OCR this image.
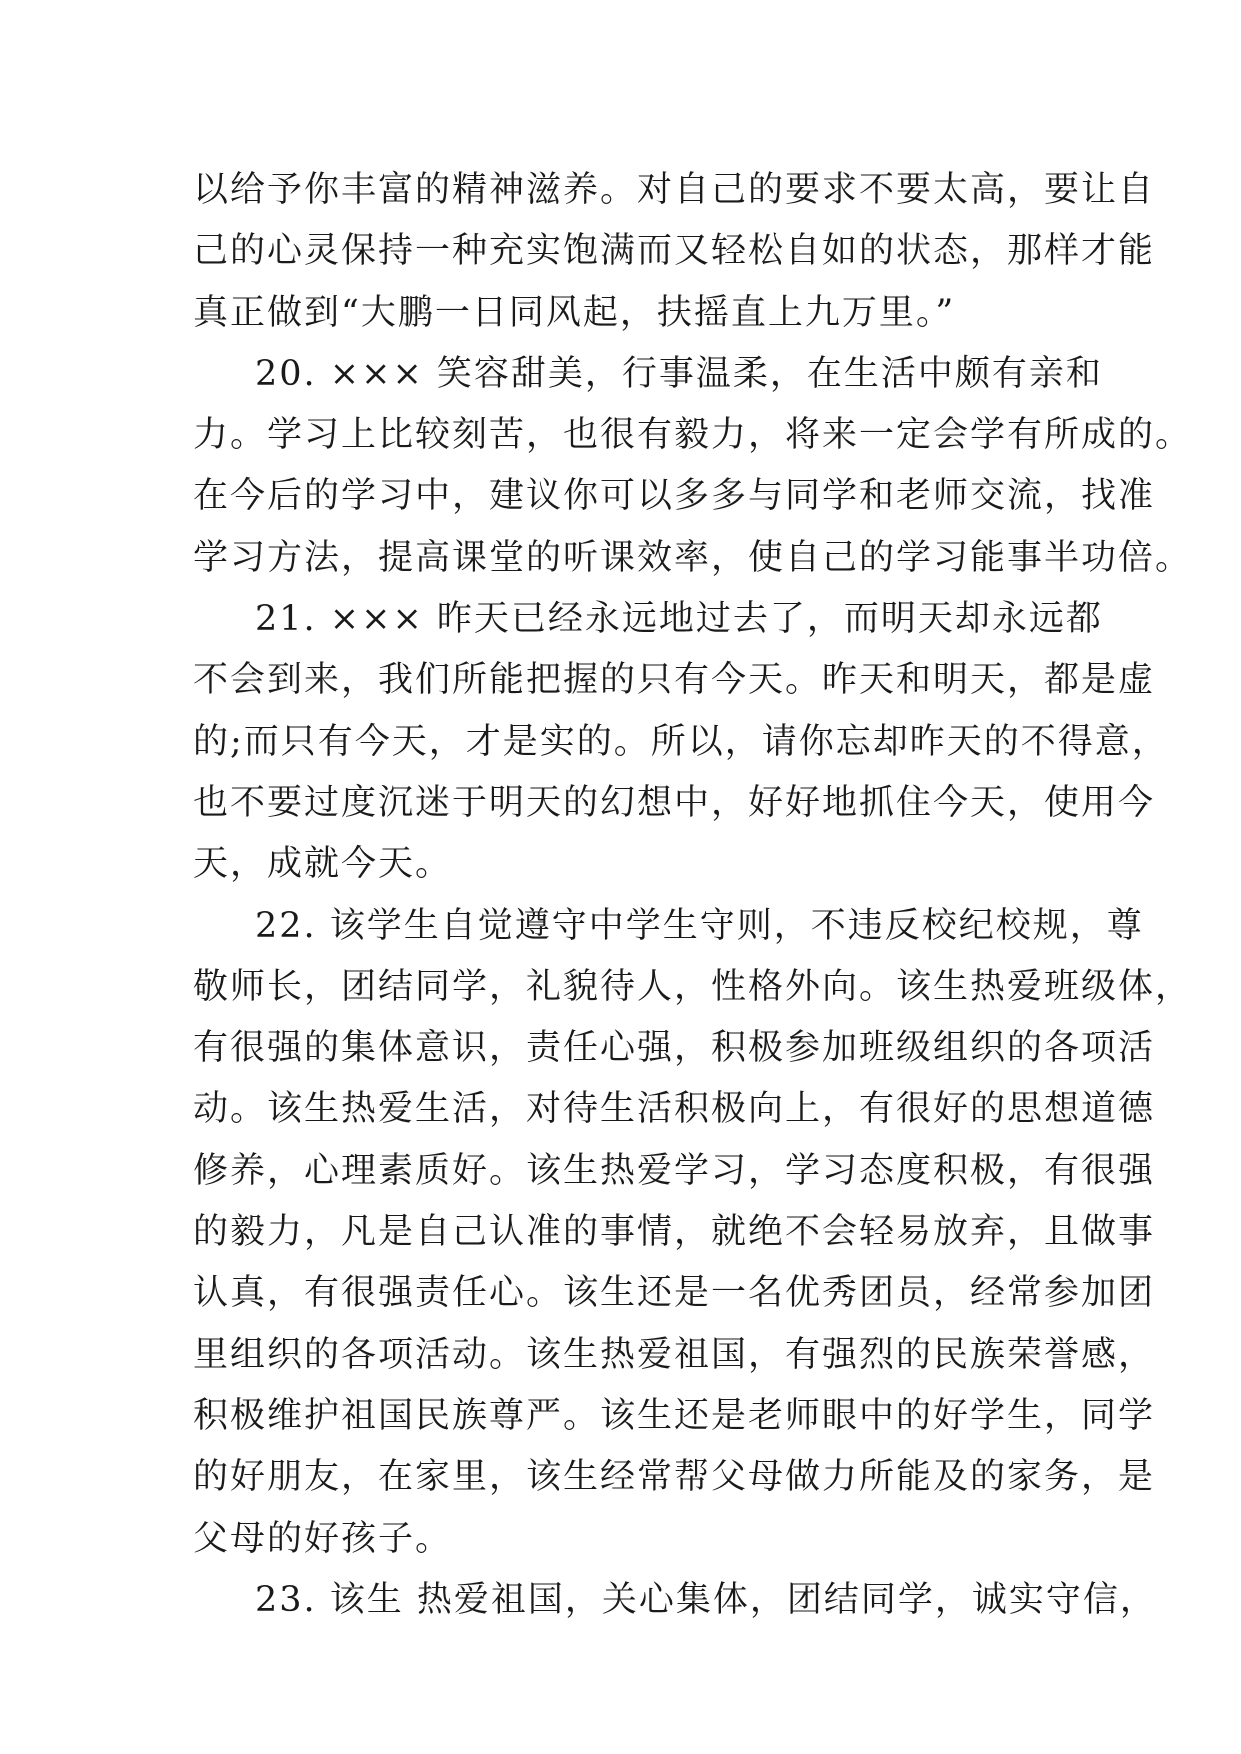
以给予你丰富的精神滋养。对自己的要求不要太高，要让自
己的心灵保持一种充实饱满而又轻松自如的状态，那样才能
真正做到“大鹏一日同风起，扶摇直上九万里。”
20. ××× 笑容甜美，行事温柔，在生活中颇有亲和
力。学习上比较刻苦，也很有毅力，将来一定会学有所成的。
在今后的学习中，建议你可以多多与同学和老师交流，找准
学习方法，提高课堂的听课效率，使自己的学习能事半功倍。
21. ××× 昨天已经永远地过去了，而明天却永远都
不会到来，我们所能把握的只有今天。昨天和明天，都是虚
的;而只有今天，才是实的。所以，请你忘却昨天的不得意，
也不要过度沉迷于明天的幻想中，好好地抓住今天，使用今
天，成就今天。
22. 该学生自觉遵守中学生守则，不违反校纪校规，尊
敬师长，团结同学，礼貌待人，性格外向。该生热爱班级体，
有很强的集体意识，责任心强，积极参加班级组织的各项活
动。该生热爱生活，对待生活积极向上，有很好的思想道德
修养，心理素质好。该生热爱学习，学习态度积极，有很强
的毅力，凡是自己认准的事情，就绝不会轻易放弃，且做事
认真，有很强责任心。该生还是一名优秀团员，经常参加团
里组织的各项活动。该生热爱祖国，有强烈的民族荣誉感，
积极维护祖国民族尊严。该生还是老师眼中的好学生，同学
的好朋友，在家里，该生经常帮父母做力所能及的家务，是
父母的好孩子。
23. 该生 热爱祖国，关心集体，团结同学，诚实守信，
